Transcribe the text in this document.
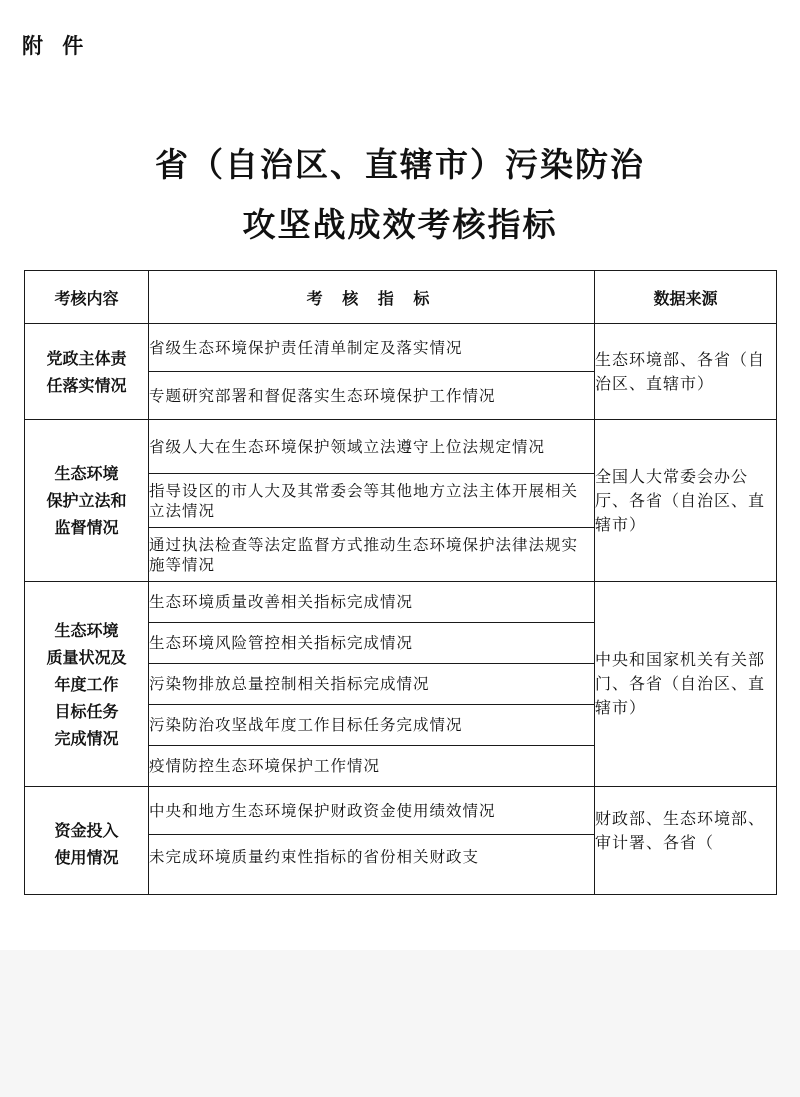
附 件
省（自治区、直辖市）污染防治
攻坚战成效考核指标
考核内容	考 核 指 标	数据来源
党政主体责
任落实情况	省级生态环境保护责任清单制定及落实情况	生态环境部、各省（自治区、直辖市）
	专题研究部署和督促落实生态环境保护工作情况	
生态环境
保护立法和
监督情况	省级人大在生态环境保护领域立法遵守上位法规定情况	全国人大常委会办公厅、各省（自治区、直辖市）
	指导设区的市人大及其常委会等其他地方立法主体开展相关立法情况	
	通过执法检查等法定监督方式推动生态环境保护法律法规实施等情况	
生态环境
质量状况及
年度工作
目标任务
完成情况	生态环境质量改善相关指标完成情况	中央和国家机关有关部门、各省（自治区、直辖市）
	生态环境风险管控相关指标完成情况	
	污染物排放总量控制相关指标完成情况	
	污染防治攻坚战年度工作目标任务完成情况	
	疫情防控生态环境保护工作情况	
资金投入
使用情况	中央和地方生态环境保护财政资金使用绩效情况	财政部、生态环境部、审计署、各省（
	未完成环境质量约束性指标的省份相关财政支	
